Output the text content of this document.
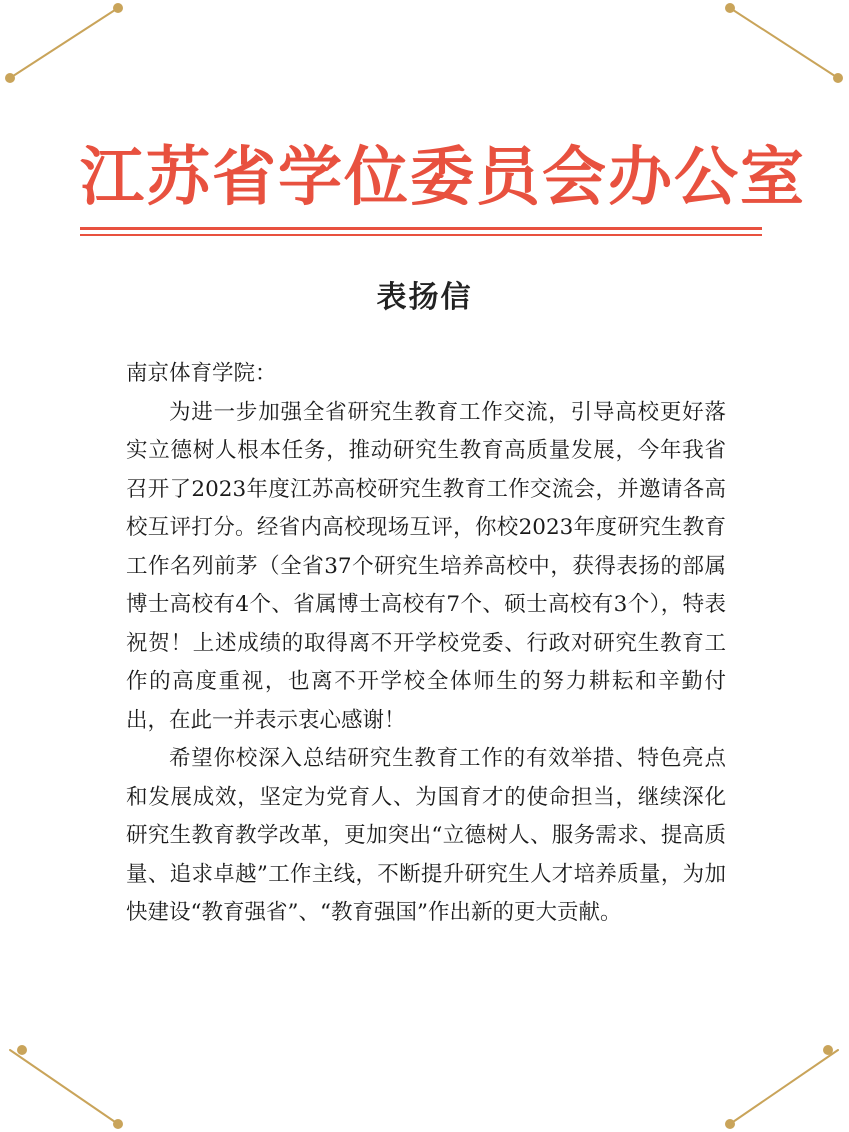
江苏省学位委员会办公室
表扬信

南京体育学院：

为进一步加强全省研究生教育工作交流，引导高校更好落实立德树人根本任务，推动研究生教育高质量发展，今年我省召开了2023年度江苏高校研究生教育工作交流会，并邀请各高校互评打分。经省内高校现场互评，你校2023年度研究生教育工作名列前茅（全省37个研究生培养高校中，获得表扬的部属博士高校有4个、省属博士高校有7个、硕士高校有3个），特表祝贺！上述成绩的取得离不开学校党委、行政对研究生教育工作的高度重视，也离不开学校全体师生的努力耕耘和辛勤付出，在此一并表示衷心感谢！

希望你校深入总结研究生教育工作的有效举措、特色亮点和发展成效，坚定为党育人、为国育才的使命担当，继续深化研究生教育教学改革，更加突出“立德树人、服务需求、提高质量、追求卓越”工作主线，不断提升研究生人才培养质量，为加快建设“教育强省”、“教育强国”作出新的更大贡献。
